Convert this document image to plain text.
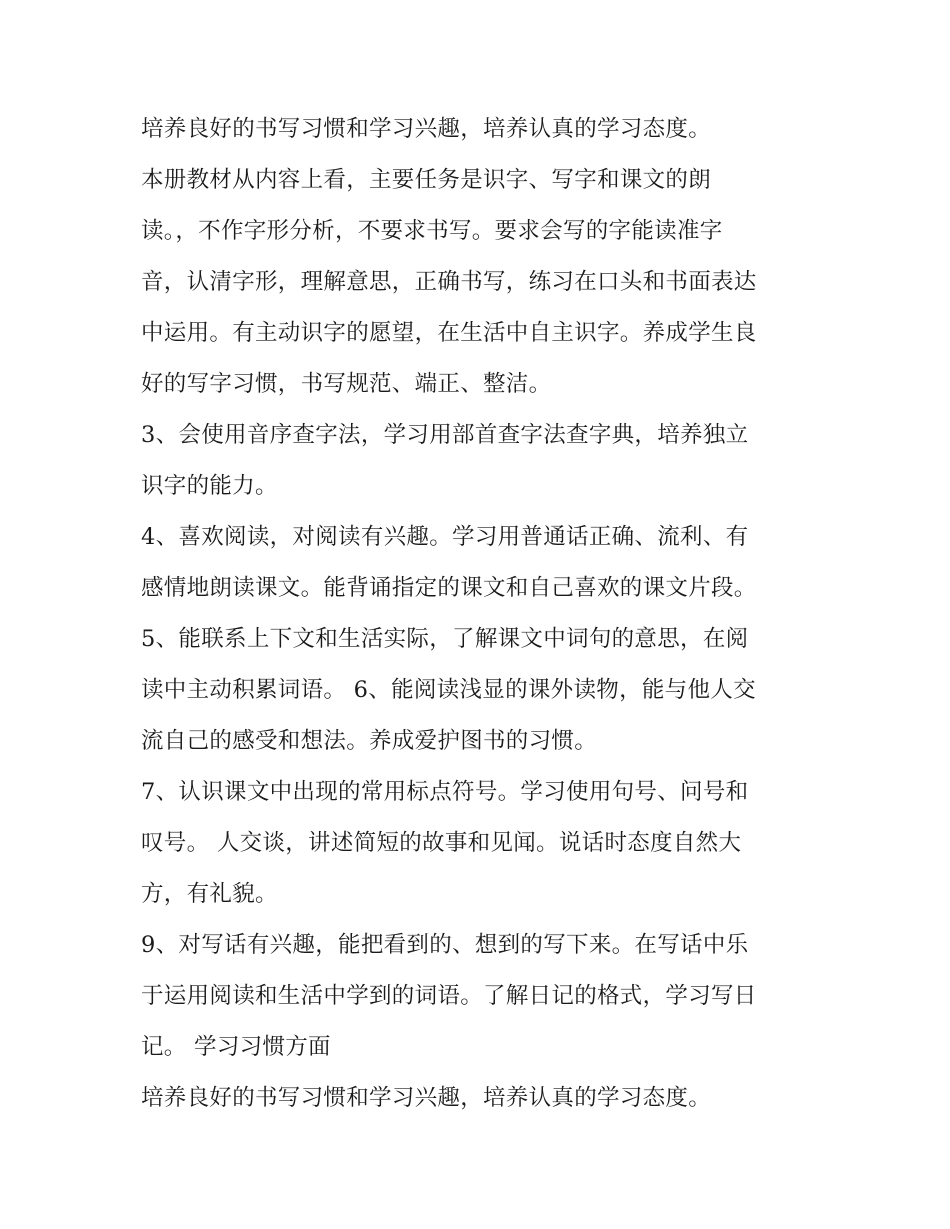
培养良好的书写习惯和学习兴趣，培养认真的学习态度。
本册教材从内容上看，主要任务是识字、写字和课文的朗
读。，不作字形分析，不要求书写。要求会写的字能读准字
音，认清字形，理解意思，正确书写，练习在口头和书面表达
中运用。有主动识字的愿望，在生活中自主识字。养成学生良
好的写字习惯，书写规范、端正、整洁。
3、会使用音序查字法，学习用部首查字法查字典，培养独立
识字的能力。
4、喜欢阅读，对阅读有兴趣。学习用普通话正确、流利、有
感情地朗读课文。能背诵指定的课文和自己喜欢的课文片段。
5、能联系上下文和生活实际，了解课文中词句的意思，在阅
读中主动积累词语。 6、能阅读浅显的课外读物，能与他人交
流自己的感受和想法。养成爱护图书的习惯。
7、认识课文中出现的常用标点符号。学习使用句号、问号和
叹号。 人交谈，讲述简短的故事和见闻。说话时态度自然大
方，有礼貌。
9、对写话有兴趣，能把看到的、想到的写下来。在写话中乐
于运用阅读和生活中学到的词语。了解日记的格式，学习写日
记。 学习习惯方面
培养良好的书写习惯和学习兴趣，培养认真的学习态度。
